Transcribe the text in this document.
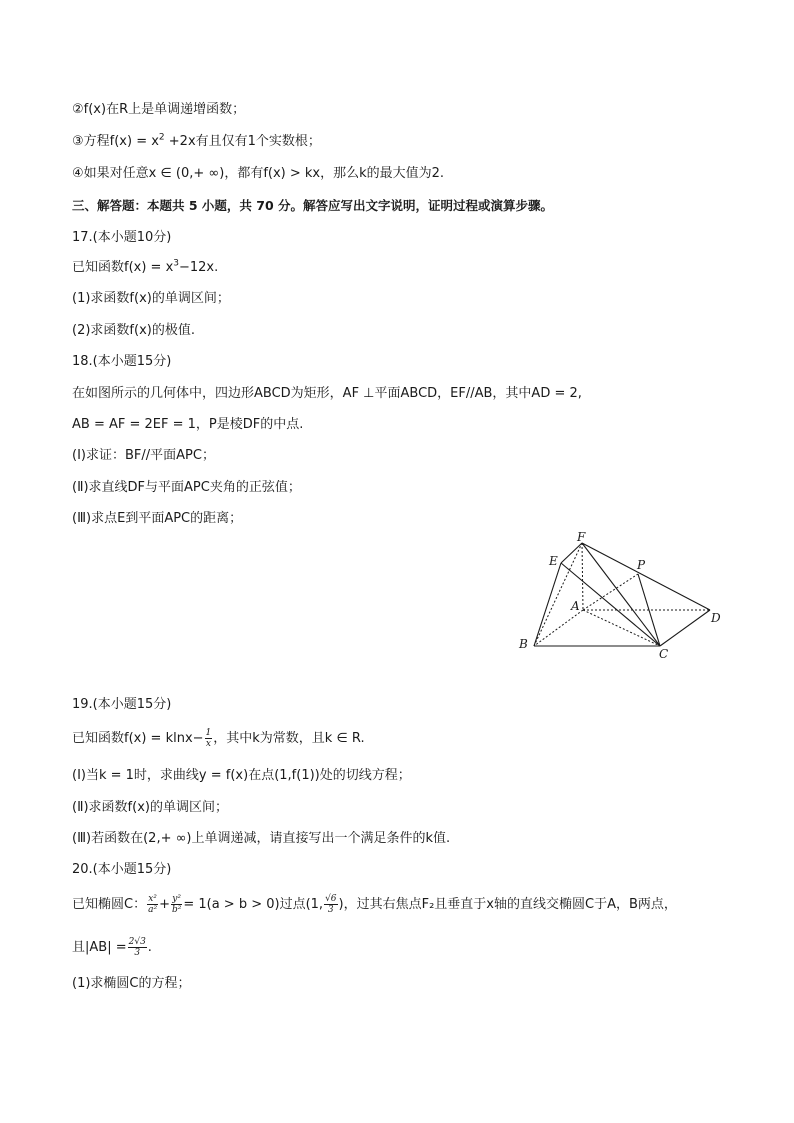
②f(x)在R上是单调递增函数；
③方程$f(x) = x^2 +2x$有且仅有1个实数根；
④如果对任意x ∈ (0,+ ∞)，都有f(x) > kx，那么k的最大值为2.
三、解答题：本题共 5 小题，共 70 分。解答应写出文字说明，证明过程或演算步骤。
17.(本小题10分)
已知函数$f(x) = x^3-12x$.
(1)求函数f(x)的单调区间；
(2)求函数f(x)的极值.
18.(本小题15分)
在如图所示的几何体中，四边形ABCD为矩形，AF ⊥平面ABCD，EF//AB，其中AD = 2,
AB = AF = 2EF = 1，P是棱DF的中点.
(Ⅰ)求证：BF//平面APC；
(Ⅱ)求直线DF与平面APC夹角的正弦值；
(Ⅲ)求点E到平面APC的距离；
F
E	P
A
D
B
C
19.(本小题15分)
已知函数$f(x) = klnx- \frac{1}{x}$ ，其中k为常数，且k ∈ R.
(Ⅰ)当k = 1时，求曲线y = f(x)在点(1,f(1))处的切线方程；
(Ⅱ)求函数f(x)的单调区间；
(Ⅲ)若函数在(2,+ ∞)上单调递减，请直接写出一个满足条件的k值.
20.(本小题15分)
已知椭圆C： $\frac{\text{x²}}{\text{a²}} + \frac{\text{y²}}{\text{b²}} = 1(a > b > 0)$过点(1, $\frac{√6}{3}$ )，过其右焦点F₂且垂直于x轴的直线交椭圆C于A，B两点，
且$|AB| = \frac{2√3}{3}$ .
(1)求椭圆C的方程；
